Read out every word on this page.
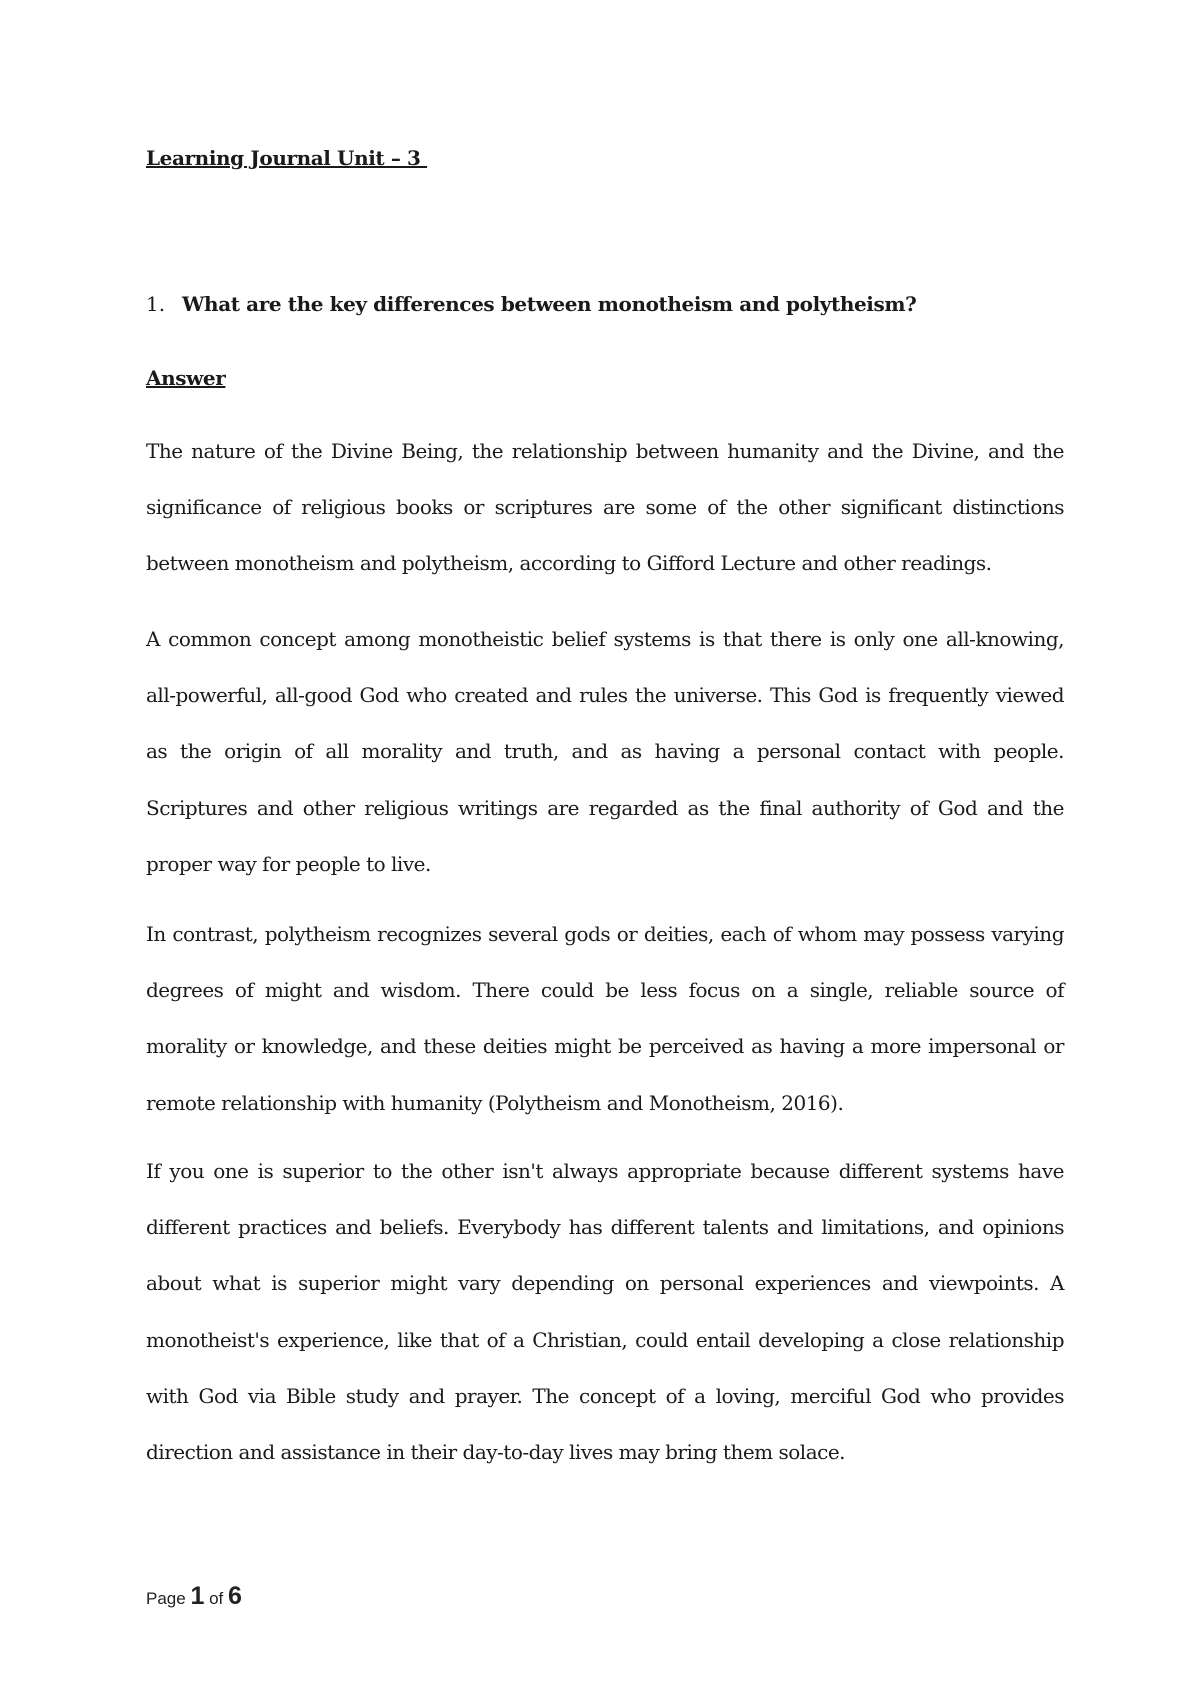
Learning Journal Unit – 3
1. What are the key differences between monotheism and polytheism?
Answer

The nature of the Divine Being, the relationship between humanity and the Divine, and the significance of religious books or scriptures are some of the other significant distinctions between monotheism and polytheism, according to Gifford Lecture and other readings.

A common concept among monotheistic belief systems is that there is only one all-knowing, all-powerful, all-good God who created and rules the universe. This God is frequently viewed as the origin of all morality and truth, and as having a personal contact with people. Scriptures and other religious writings are regarded as the final authority of God and the proper way for people to live.

In contrast, polytheism recognizes several gods or deities, each of whom may possess varying degrees of might and wisdom. There could be less focus on a single, reliable source of morality or knowledge, and these deities might be perceived as having a more impersonal or remote relationship with humanity (Polytheism and Monotheism, 2016).

If you one is superior to the other isn't always appropriate because different systems have different practices and beliefs. Everybody has different talents and limitations, and opinions about what is superior might vary depending on personal experiences and viewpoints. A monotheist's experience, like that of a Christian, could entail developing a close relationship with God via Bible study and prayer. The concept of a loving, merciful God who provides direction and assistance in their day-to-day lives may bring them solace.

Page 1 of 6
